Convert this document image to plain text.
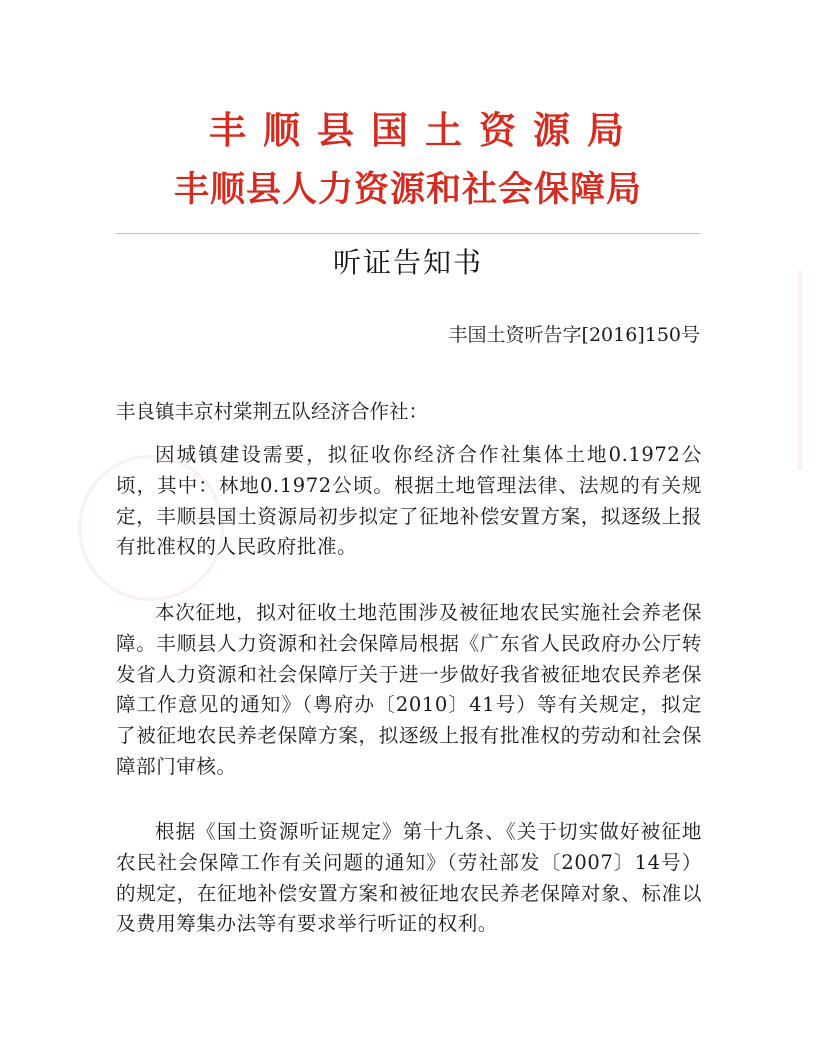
丰顺县国土资源局
丰顺县人力资源和社会保障局
听证告知书
丰国土资听告字[2016]150号
丰良镇丰京村棠荆五队经济合作社：

因城镇建设需要，拟征收你经济合作社集体土地0.1972公顷，其中：林地0.1972公顷。根据土地管理法律、法规的有关规定，丰顺县国土资源局初步拟定了征地补偿安置方案，拟逐级上报有批准权的人民政府批准。

本次征地，拟对征收土地范围涉及被征地农民实施社会养老保障。丰顺县人力资源和社会保障局根据《广东省人民政府办公厅转发省人力资源和社会保障厅关于进一步做好我省被征地农民养老保障工作意见的通知》（粤府办〔2010〕41号）等有关规定，拟定了被征地农民养老保障方案，拟逐级上报有批准权的劳动和社会保障部门审核。

根据《国土资源听证规定》第十九条、《关于切实做好被征地农民社会保障工作有关问题的通知》（劳社部发〔2007〕14号）的规定，在征地补偿安置方案和被征地农民养老保障对象、标准以及费用筹集办法等有要求举行听证的权利。
